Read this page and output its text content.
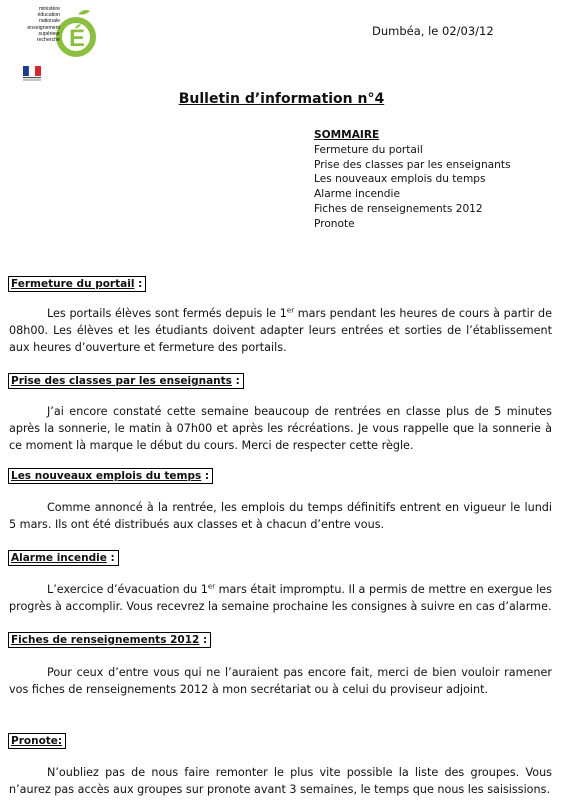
É
ministère
éducation
nationale
enseignement
supérieur
recherche
Dumbéa, le 02/03/12
Bulletin d’information n°4
SOMMAIRE
Fermeture du portail
Prise des classes par les enseignants
Les nouveaux emplois du temps
Alarme incendie
Fiches de renseignements 2012
Pronote
Fermeture du portail :
Les portails élèves sont fermés depuis le 1er mars pendant les heures de cours à partir de 08h00. Les élèves et les étudiants doivent adapter leurs entrées et sorties de l’établissement aux heures d’ouverture et fermeture des portails.
Prise des classes par les enseignants :
J’ai encore constaté cette semaine beaucoup de rentrées en classe plus de 5 minutes après la sonnerie, le matin à 07h00 et après les récréations. Je vous rappelle que la sonnerie à ce moment là marque le début du cours. Merci de respecter cette règle.
Les nouveaux emplois du temps :
Comme annoncé à la rentrée, les emplois du temps définitifs entrent en vigueur le lundi 5 mars. Ils ont été distribués aux classes et à chacun d’entre vous.
Alarme incendie :
L’exercice d’évacuation du 1er mars était impromptu. Il a permis de mettre en exergue les progrès à accomplir. Vous recevrez la semaine prochaine les consignes à suivre en cas d’alarme.
Fiches de renseignements 2012 :
Pour ceux d’entre vous qui ne l’auraient pas encore fait, merci de bien vouloir ramener vos fiches de renseignements 2012 à mon secrétariat ou à celui du proviseur adjoint.
Pronote:
N’oubliez pas de nous faire remonter le plus vite possible la liste des groupes. Vous n’aurez pas accès aux groupes sur pronote avant 3 semaines, le temps que nous les saisissions.
